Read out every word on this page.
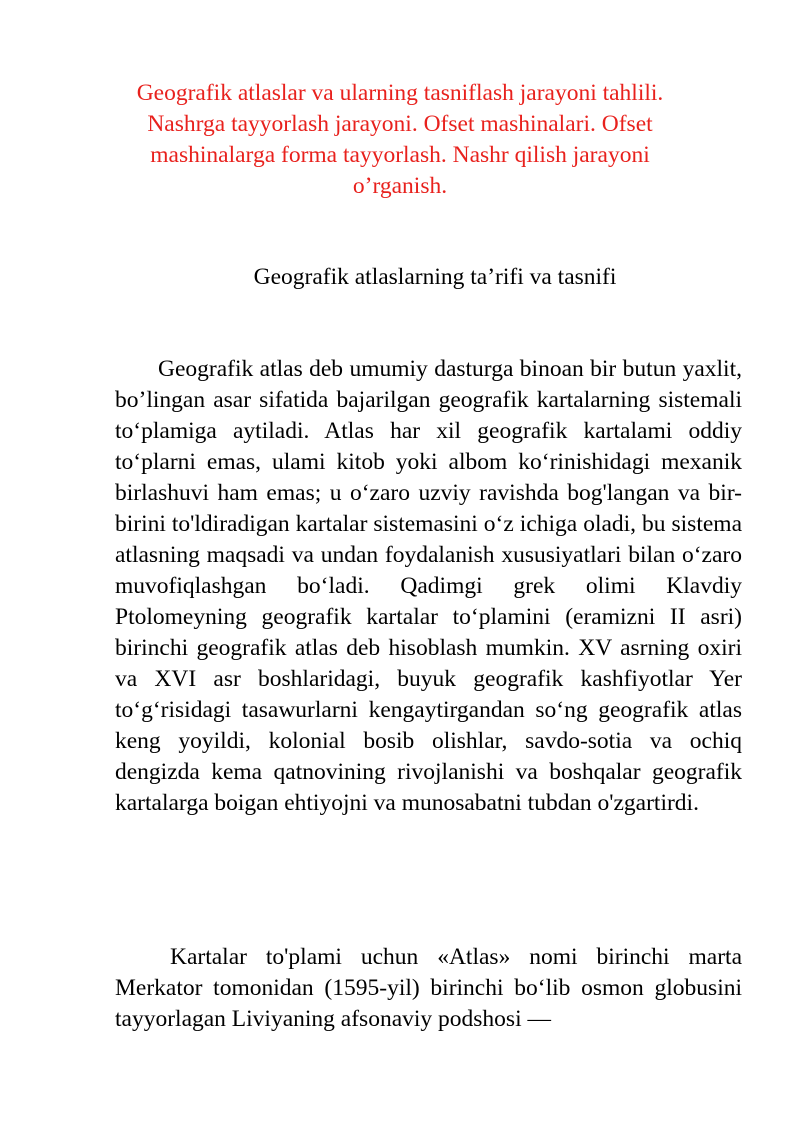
Geografik atlaslar va ularning tasniflash jarayoni tahlili.
Nashrga tayyorlash jarayoni. Ofset mashinalari. Ofset
mashinalarga forma tayyorlash. Nashr qilish jarayoni
o’rganish.
Geografik atlaslarning ta’rifi va tasnifi

Geografik atlas deb umumiy dasturga binoan bir butun yaxlit, bo’lingan asar sifatida bajarilgan geografik kartalarning sistemali to‘plamiga aytiladi. Atlas har xil geografik kartalami oddiy to‘plarni emas, ulami kitob yoki albom ko‘rinishidagi mexanik birlashuvi ham emas; u o‘zaro uzviy ravishda bog'langan va bir-birini to'ldiradigan kartalar sistemasini o‘z ichiga oladi, bu sistema atlasning maqsadi va undan foydalanish xususiyatlari bilan o‘zaro muvofiqlashgan bo‘ladi. Qadimgi grek olimi Klavdiy Ptolomeyning geografik kartalar to‘plamini (eramizni II asri) birinchi geografik atlas deb hisoblash mumkin. XV asrning oxiri va XVI asr boshlaridagi, buyuk geografik kashfiyotlar Yer to‘g‘risidagi tasawurlarni kengaytirgandan so‘ng geografik atlas keng yoyildi, kolonial bosib olishlar, savdo-sotia va ochiq dengizda kema qatnovining rivojlanishi va boshqalar geografik kartalarga boigan ehtiyojni va munosabatni tubdan o'zgartirdi.

Kartalar to'plami uchun «Atlas» nomi birinchi marta Merkator tomonidan (1595-yil) birinchi bo‘lib osmon globusini tayyorlagan Liviyaning afsonaviy podshosi —
